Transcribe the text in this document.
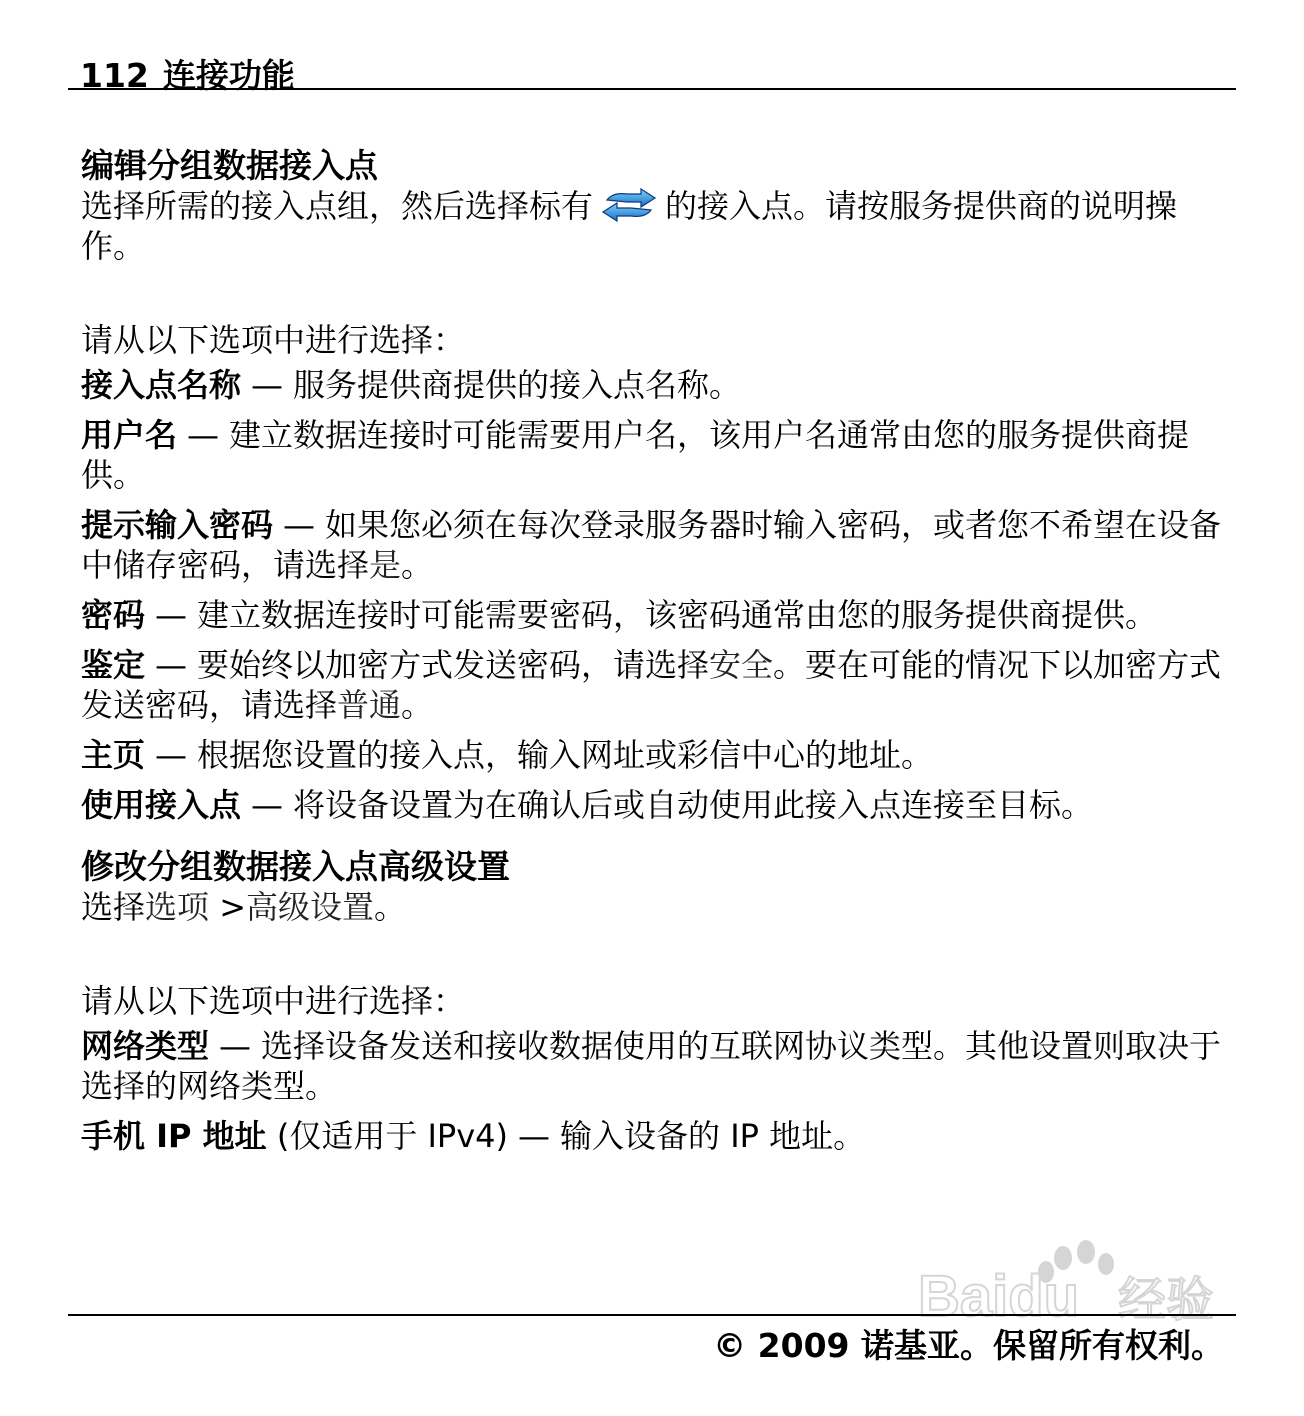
112 连接功能
编辑分组数据接入点

选择所需的接入点组，然后选择标有 的接入点。请按服务提供商的说明操作。

请从以下选项中进行选择：

接入点名称 — 服务提供商提供的接入点名称。

用户名 — 建立数据连接时可能需要用户名，该用户名通常由您的服务提供商提供。

提示输入密码 — 如果您必须在每次登录服务器时输入密码，或者您不希望在设备中储存密码，请选择是。

密码 — 建立数据连接时可能需要密码，该密码通常由您的服务提供商提供。

鉴定 — 要始终以加密方式发送密码，请选择安全。要在可能的情况下以加密方式发送密码，请选择普通。

主页 — 根据您设置的接入点，输入网址或彩信中心的地址。

使用接入点 — 将设备设置为在确认后或自动使用此接入点连接至目标。

修改分组数据接入点高级设置

选择选项 >高级设置。

请从以下选项中进行选择：

网络类型 — 选择设备发送和接收数据使用的互联网协议类型。其他设置则取决于选择的网络类型。

手机 IP 地址 (仅适用于 IPv4) — 输入设备的 IP 地址。

Baidu 经验
© 2009 诺基亚。保留所有权利。
